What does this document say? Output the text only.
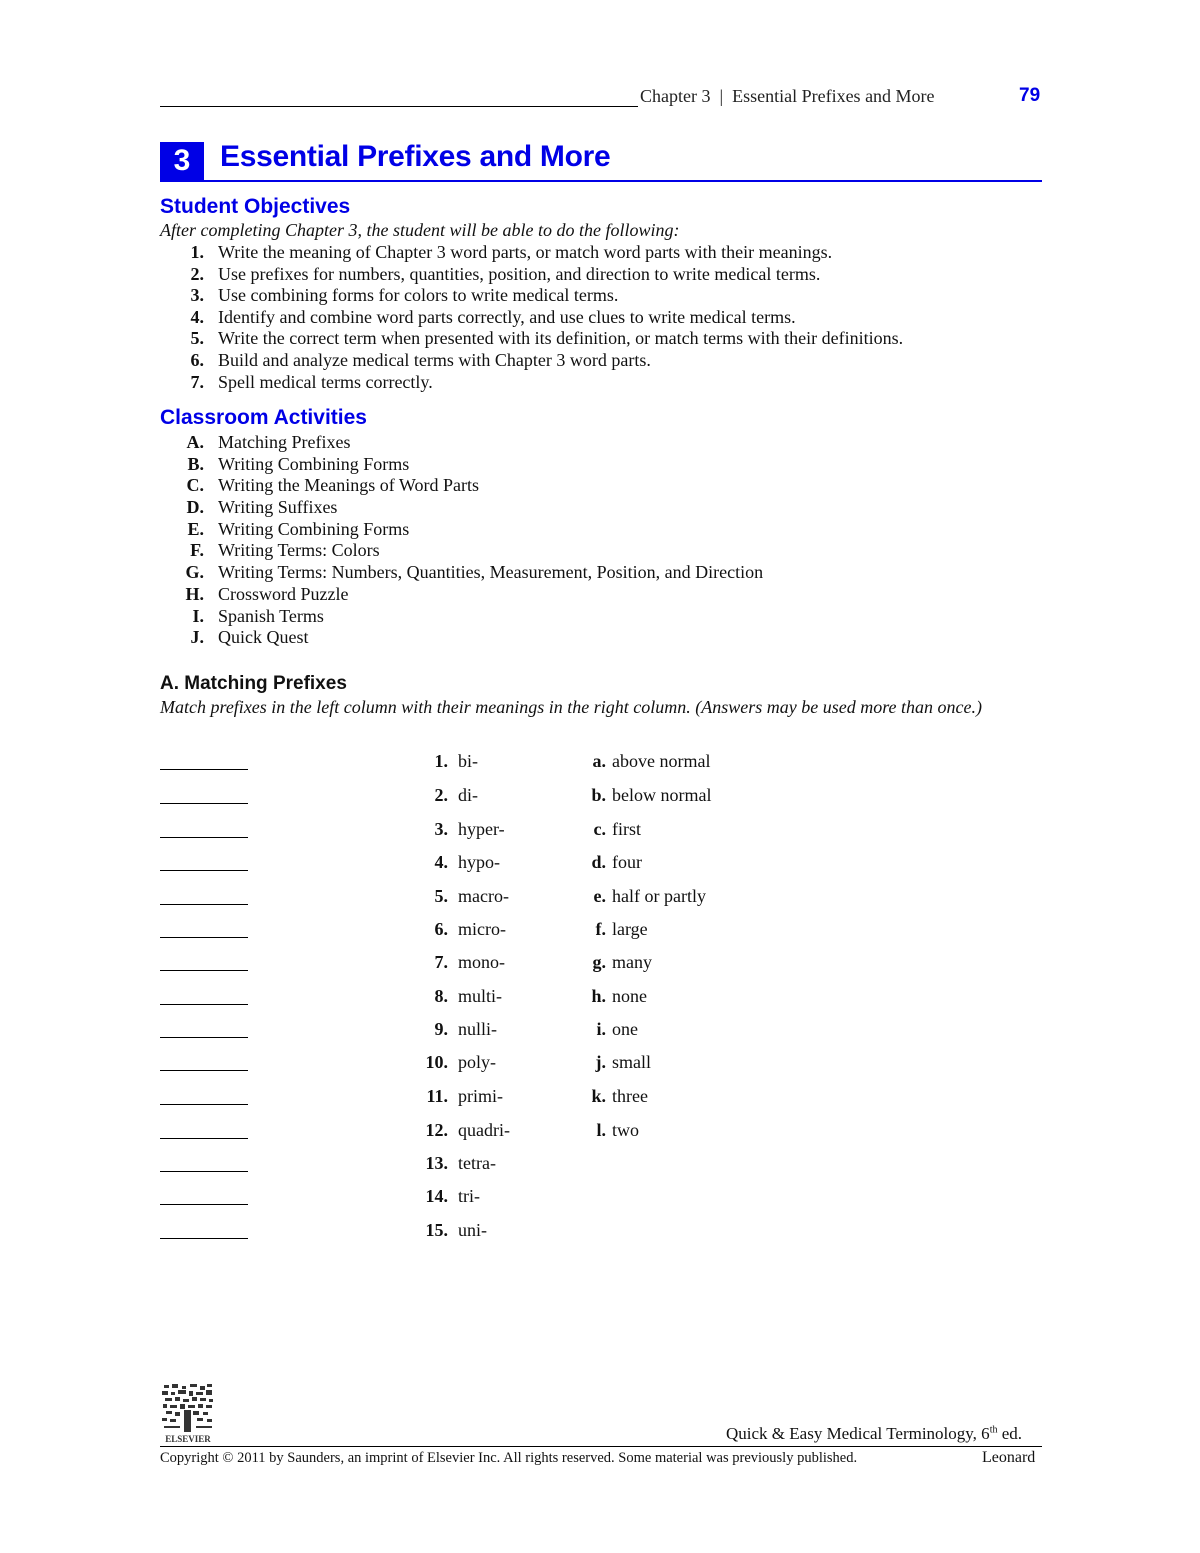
Chapter 3 | Essential Prefixes and More	79
3 Essential Prefixes and More
Student Objectives
After completing Chapter 3, the student will be able to do the following:
1. Write the meaning of Chapter 3 word parts, or match word parts with their meanings.
2. Use prefixes for numbers, quantities, position, and direction to write medical terms.
3. Use combining forms for colors to write medical terms.
4. Identify and combine word parts correctly, and use clues to write medical terms.
5. Write the correct term when presented with its definition, or match terms with their definitions.
6. Build and analyze medical terms with Chapter 3 word parts.
7. Spell medical terms correctly.
Classroom Activities
A. Matching Prefixes
B. Writing Combining Forms
C. Writing the Meanings of Word Parts
D. Writing Suffixes
E. Writing Combining Forms
F. Writing Terms: Colors
G. Writing Terms: Numbers, Quantities, Measurement, Position, and Direction
H. Crossword Puzzle
I. Spanish Terms
J. Quick Quest
A. Matching Prefixes
Match prefixes in the left column with their meanings in the right column. (Answers may be used more than once.)
1. bi-	a. above normal
2. di-	b. below normal
3. hyper-	c. first
4. hypo-	d. four
5. macro-	e. half or partly
6. micro-	f. large
7. mono-	g. many
8. multi-	h. none
9. nulli-	i. one
10. poly-	j. small
11. primi-	k. three
12. quadri-	l. two
13. tetra-
14. tri-
15. uni-
ELSEVIER	Quick & Easy Medical Terminology, 6th ed.
Copyright © 2011 by Saunders, an imprint of Elsevier Inc. All rights reserved. Some material was previously published.	Leonard
